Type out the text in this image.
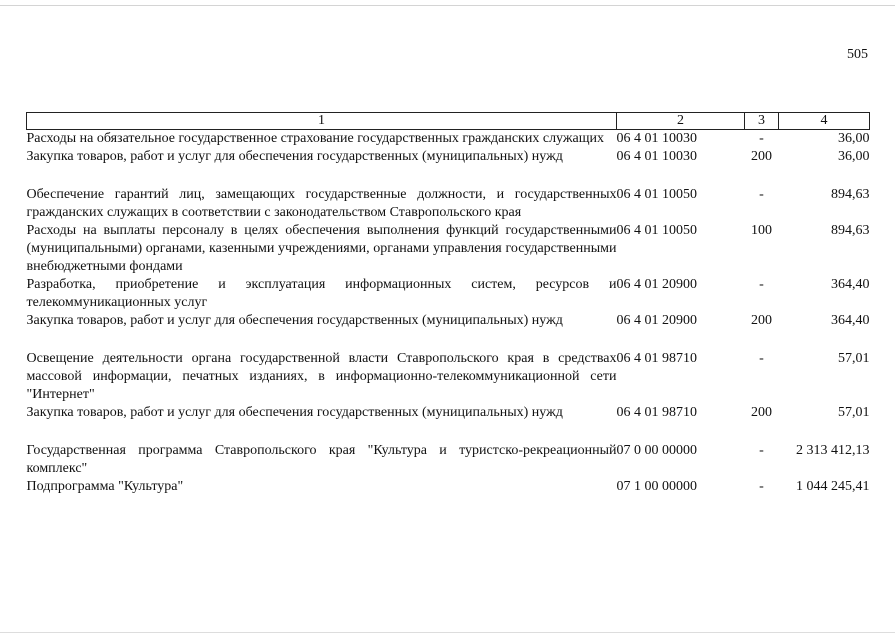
505
1	2	3	4
Расходы на обязательное государственное страхование государственных гражданских служащих	06 4 01 10030	-	36,00
Закупка товаров, работ и услуг для обеспечения государственных (муниципальных) нужд	06 4 01 10030	200	36,00
Обеспечение гарантий лиц, замещающих государственные должности, и государственных гражданских служащих в соответствии с законодательством Ставропольского края	06 4 01 10050	-	894,63
Расходы на выплаты персоналу в целях обеспечения выполнения функций государственными (муниципальными) органами, казенными учреждениями, органами управления государственными внебюджетными фондами	06 4 01 10050	100	894,63
Разработка, приобретение и эксплуатация информационных систем, ресурсов и телекоммуникационных услуг	06 4 01 20900	-	364,40
Закупка товаров, работ и услуг для обеспечения государственных (муниципальных) нужд	06 4 01 20900	200	364,40
Освещение деятельности органа государственной власти Ставропольского края в средствах массовой информации, печатных изданиях, в информационно-телекоммуникационной сети "Интернет"	06 4 01 98710	-	57,01
Закупка товаров, работ и услуг для обеспечения государственных (муниципальных) нужд	06 4 01 98710	200	57,01
Государственная программа Ставропольского края "Культура и туристско-рекреационный комплекс"	07 0 00 00000	-	2 313 412,13
Подпрограмма "Культура"	07 1 00 00000	-	1 044 245,41
